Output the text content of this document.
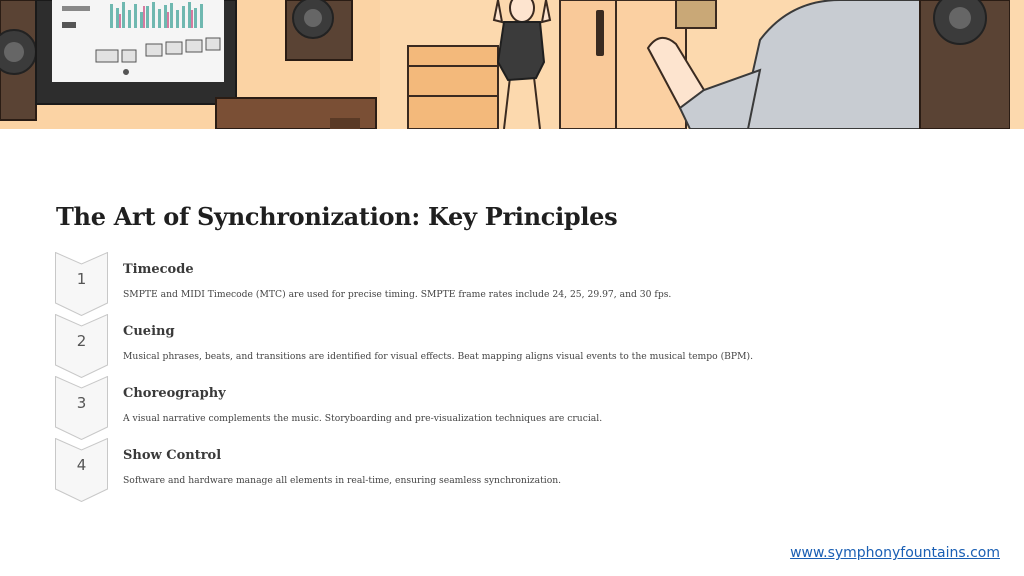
The Art of Synchronization: Key Principles
1
Timecode
SMPTE and MIDI Timecode (MTC) are used for precise timing. SMPTE frame rates include 24, 25, 29.97, and 30 fps.
2
Cueing
Musical phrases, beats, and transitions are identified for visual effects. Beat mapping aligns visual events to the musical tempo (BPM).
3
Choreography
A visual narrative complements the music. Storyboarding and pre-visualization techniques are crucial.
4
Show Control
Software and hardware manage all elements in real-time, ensuring seamless synchronization.
www.symphonyfountains.com
